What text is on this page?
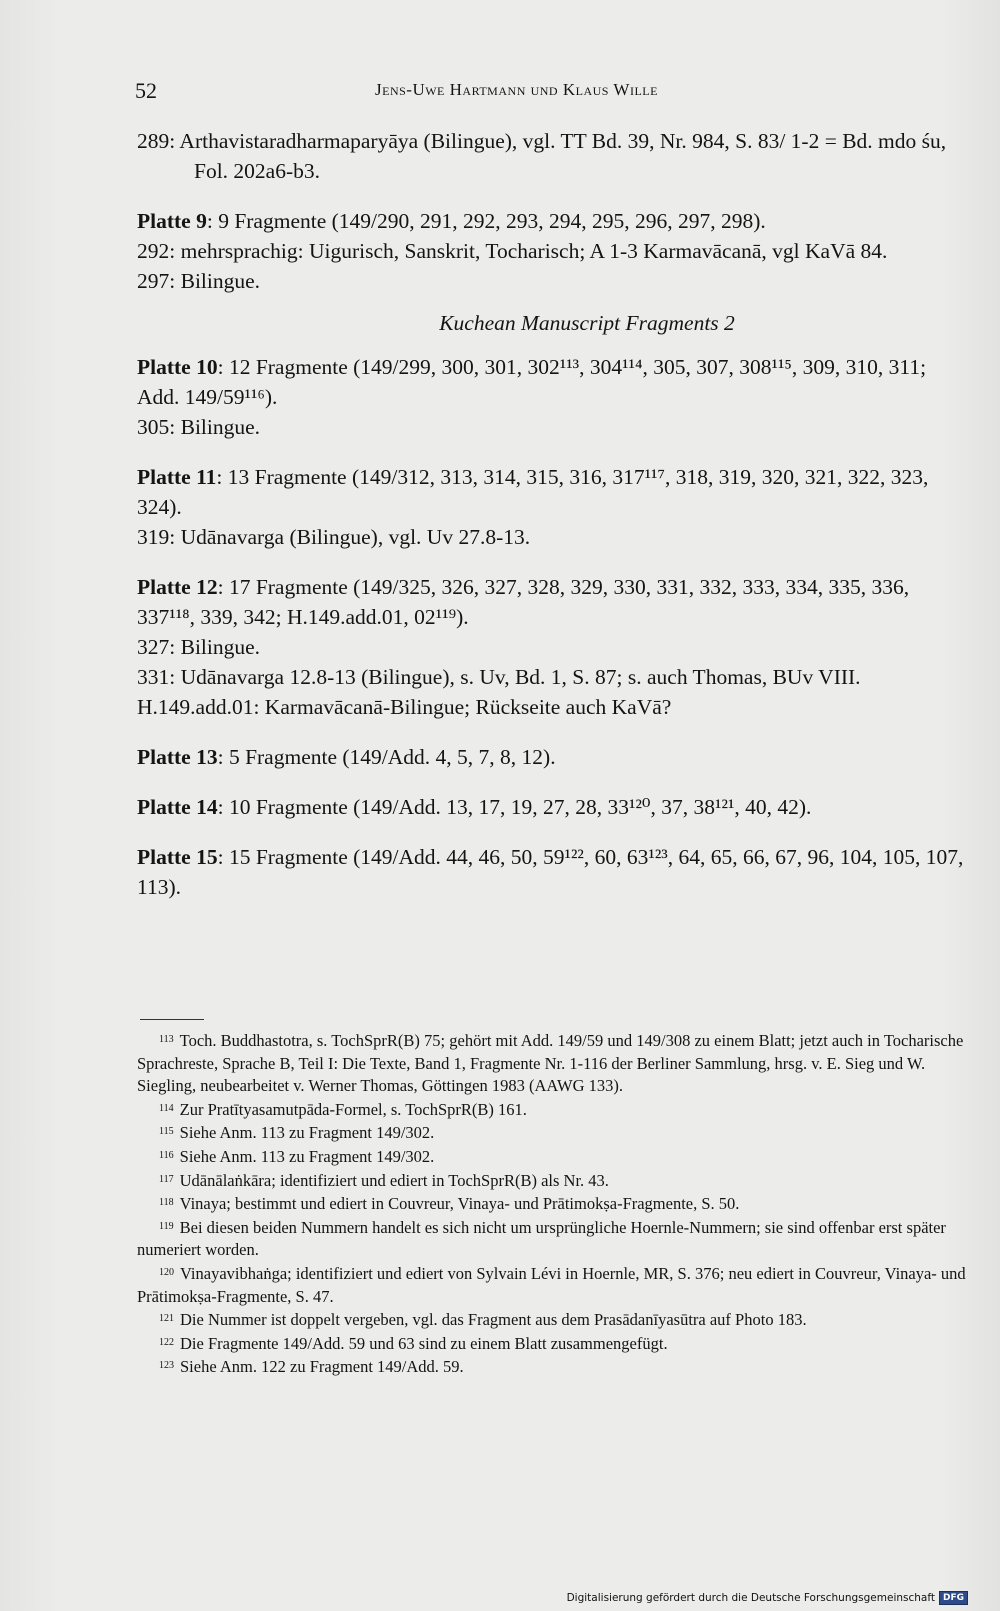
52	Jens-Uwe Hartmann und Klaus Wille

289: Arthavistaradharmaparyāya (Bilingue), vgl. TT Bd. 39, Nr. 984, S. 83/ 1-2 = Bd. mdo śu, Fol. 202a6-b3.

Platte 9: 9 Fragmente (149/290, 291, 292, 293, 294, 295, 296, 297, 298).

292: mehrsprachig: Uigurisch, Sanskrit, Tocharisch; A 1-3 Karmavācanā, vgl KaVā 84.

297: Bilingue.

Kuchean Manuscript Fragments 2

Platte 10: 12 Fragmente (149/299, 300, 301, 302¹¹³, 304¹¹⁴, 305, 307, 308¹¹⁵, 309, 310, 311; Add. 149/59¹¹⁶).

305: Bilingue.

Platte 11: 13 Fragmente (149/312, 313, 314, 315, 316, 317¹¹⁷, 318, 319, 320, 321, 322, 323, 324).

319: Udānavarga (Bilingue), vgl. Uv 27.8-13.

Platte 12: 17 Fragmente (149/325, 326, 327, 328, 329, 330, 331, 332, 333, 334, 335, 336, 337¹¹⁸, 339, 342; H.149.add.01, 02¹¹⁹).

327: Bilingue.

331: Udānavarga 12.8-13 (Bilingue), s. Uv, Bd. 1, S. 87; s. auch Thomas, BUv VIII.

H.149.add.01: Karmavācanā-Bilingue; Rückseite auch KaVā?

Platte 13: 5 Fragmente (149/Add. 4, 5, 7, 8, 12).

Platte 14: 10 Fragmente (149/Add. 13, 17, 19, 27, 28, 33¹²⁰, 37, 38¹²¹, 40, 42).

Platte 15: 15 Fragmente (149/Add. 44, 46, 50, 59¹²², 60, 63¹²³, 64, 65, 66, 67, 96, 104, 105, 107, 113).

$^{113}$ Toch. Buddhastotra, s. TochSprR(B) 75; gehört mit Add. 149/59 und 149/308 zu einem Blatt; jetzt auch in Tocharische Sprachreste, Sprache B, Teil I: Die Texte, Band 1, Fragmente Nr. 1-116 der Berliner Sammlung, hrsg. v. E. Sieg und W. Siegling, neubearbeitet v. Werner Thomas, Göttingen 1983 (AAWG 133).

$^{114}$ Zur Pratītyasamutpāda-Formel, s. TochSprR(B) 161.

$^{115}$ Siehe Anm. 113 zu Fragment 149/302.

$^{116}$ Siehe Anm. 113 zu Fragment 149/302.

$^{117}$ Udānālaṅkāra; identifiziert und ediert in TochSprR(B) als Nr. 43.

$^{118}$ Vinaya; bestimmt und ediert in Couvreur, Vinaya- und Prātimokṣa-Fragmente, S. 50.

$^{119}$ Bei diesen beiden Nummern handelt es sich nicht um ursprüngliche Hoernle-Nummern; sie sind offenbar erst später numeriert worden.

$^{120}$ Vinayavibhaṅga; identifiziert und ediert von Sylvain Lévi in Hoernle, MR, S. 376; neu ediert in Couvreur, Vinaya- und Prātimokṣa-Fragmente, S. 47.

$^{121}$ Die Nummer ist doppelt vergeben, vgl. das Fragment aus dem Prasādanīyasūtra auf Photo 183.

$^{122}$ Die Fragmente 149/Add. 59 und 63 sind zu einem Blatt zusammengefügt.

$^{123}$ Siehe Anm. 122 zu Fragment 149/Add. 59.

Digitalisierung gefördert durch die Deutsche Forschungsgemeinschaft DFG
